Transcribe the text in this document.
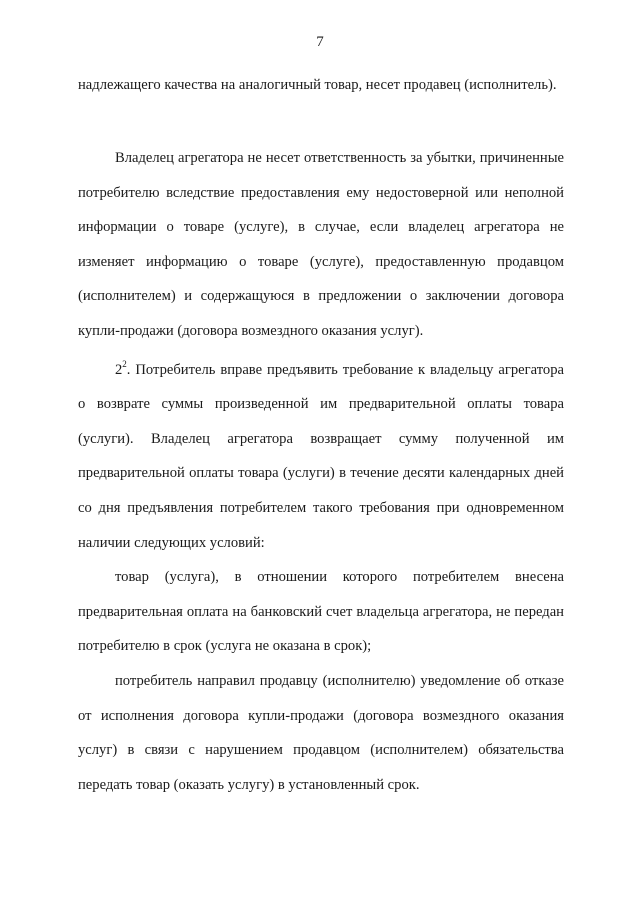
7

надлежащего качества на аналогичный товар, несет продавец (исполнитель).

Владелец агрегатора не несет ответственность за убытки, причиненные потребителю вследствие предоставления ему недостоверной или неполной информации о товаре (услуге), в случае, если владелец агрегатора не изменяет информацию о товаре (услуге), предоставленную продавцом (исполнителем) и содержащуюся в предложении о заключении договора купли-продажи (договора возмездного оказания услуг).

$2^2$. Потребитель вправе предъявить требование к владельцу агрегатора о возврате суммы произведенной им предварительной оплаты товара (услуги). Владелец агрегатора возвращает сумму полученной им предварительной оплаты товара (услуги) в течение десяти календарных дней со дня предъявления потребителем такого требования при одновременном наличии следующих условий:

товар (услуга), в отношении которого потребителем внесена предварительная оплата на банковский счет владельца агрегатора, не передан потребителю в срок (услуга не оказана в срок);

потребитель направил продавцу (исполнителю) уведомление об отказе от исполнения договора купли-продажи (договора возмездного оказания услуг) в связи с нарушением продавцом (исполнителем) обязательства передать товар (оказать услугу) в установленный срок.
